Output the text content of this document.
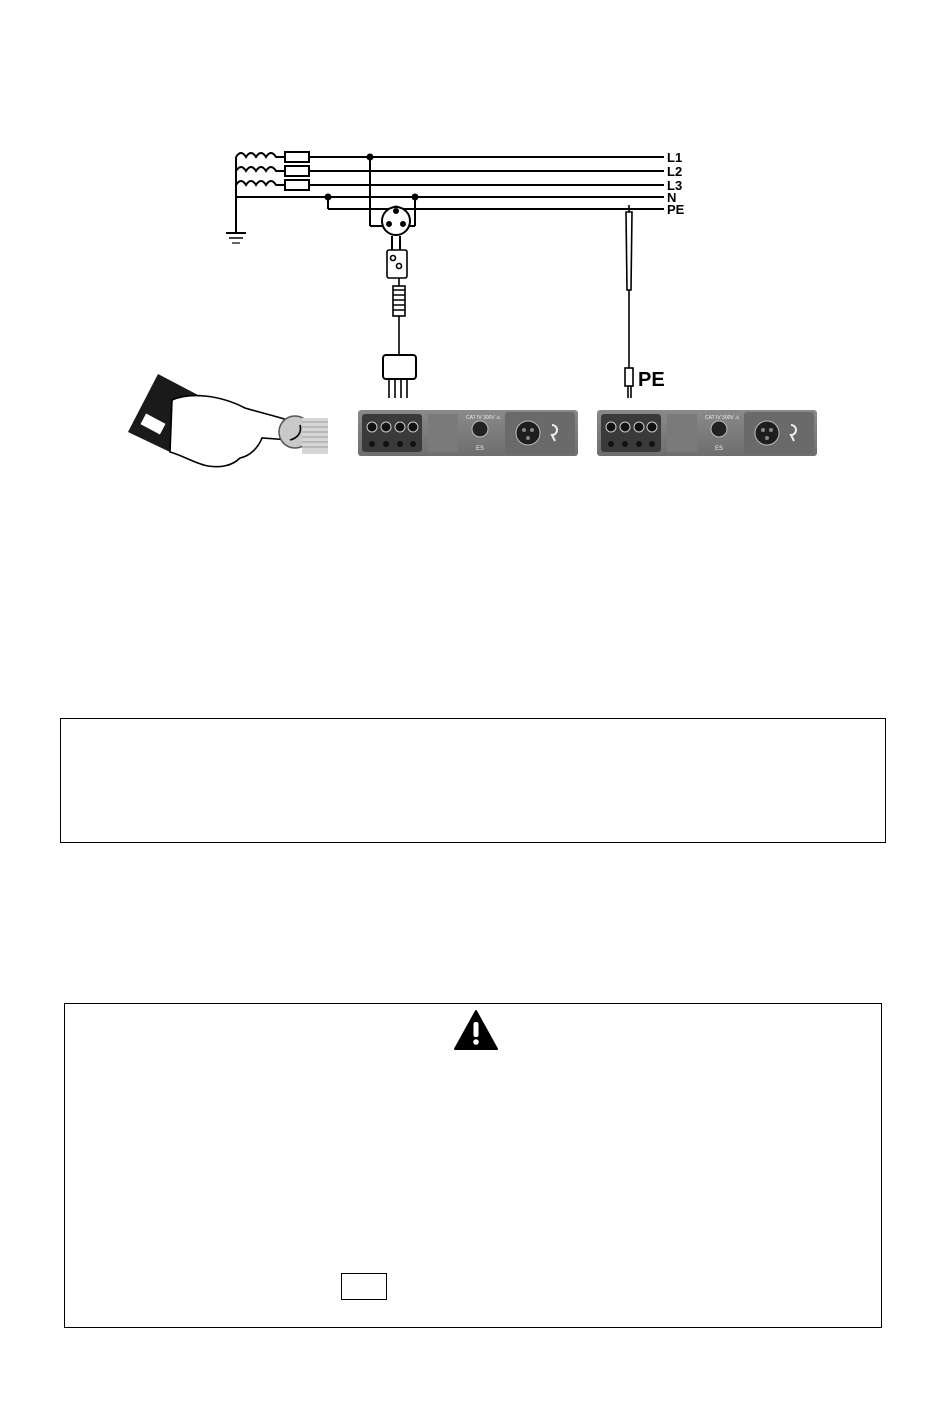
L1
L2
L3
N
PE
PE
CAT IV 300V ⚠
ES
CAT IV 300V ⚠
ES
